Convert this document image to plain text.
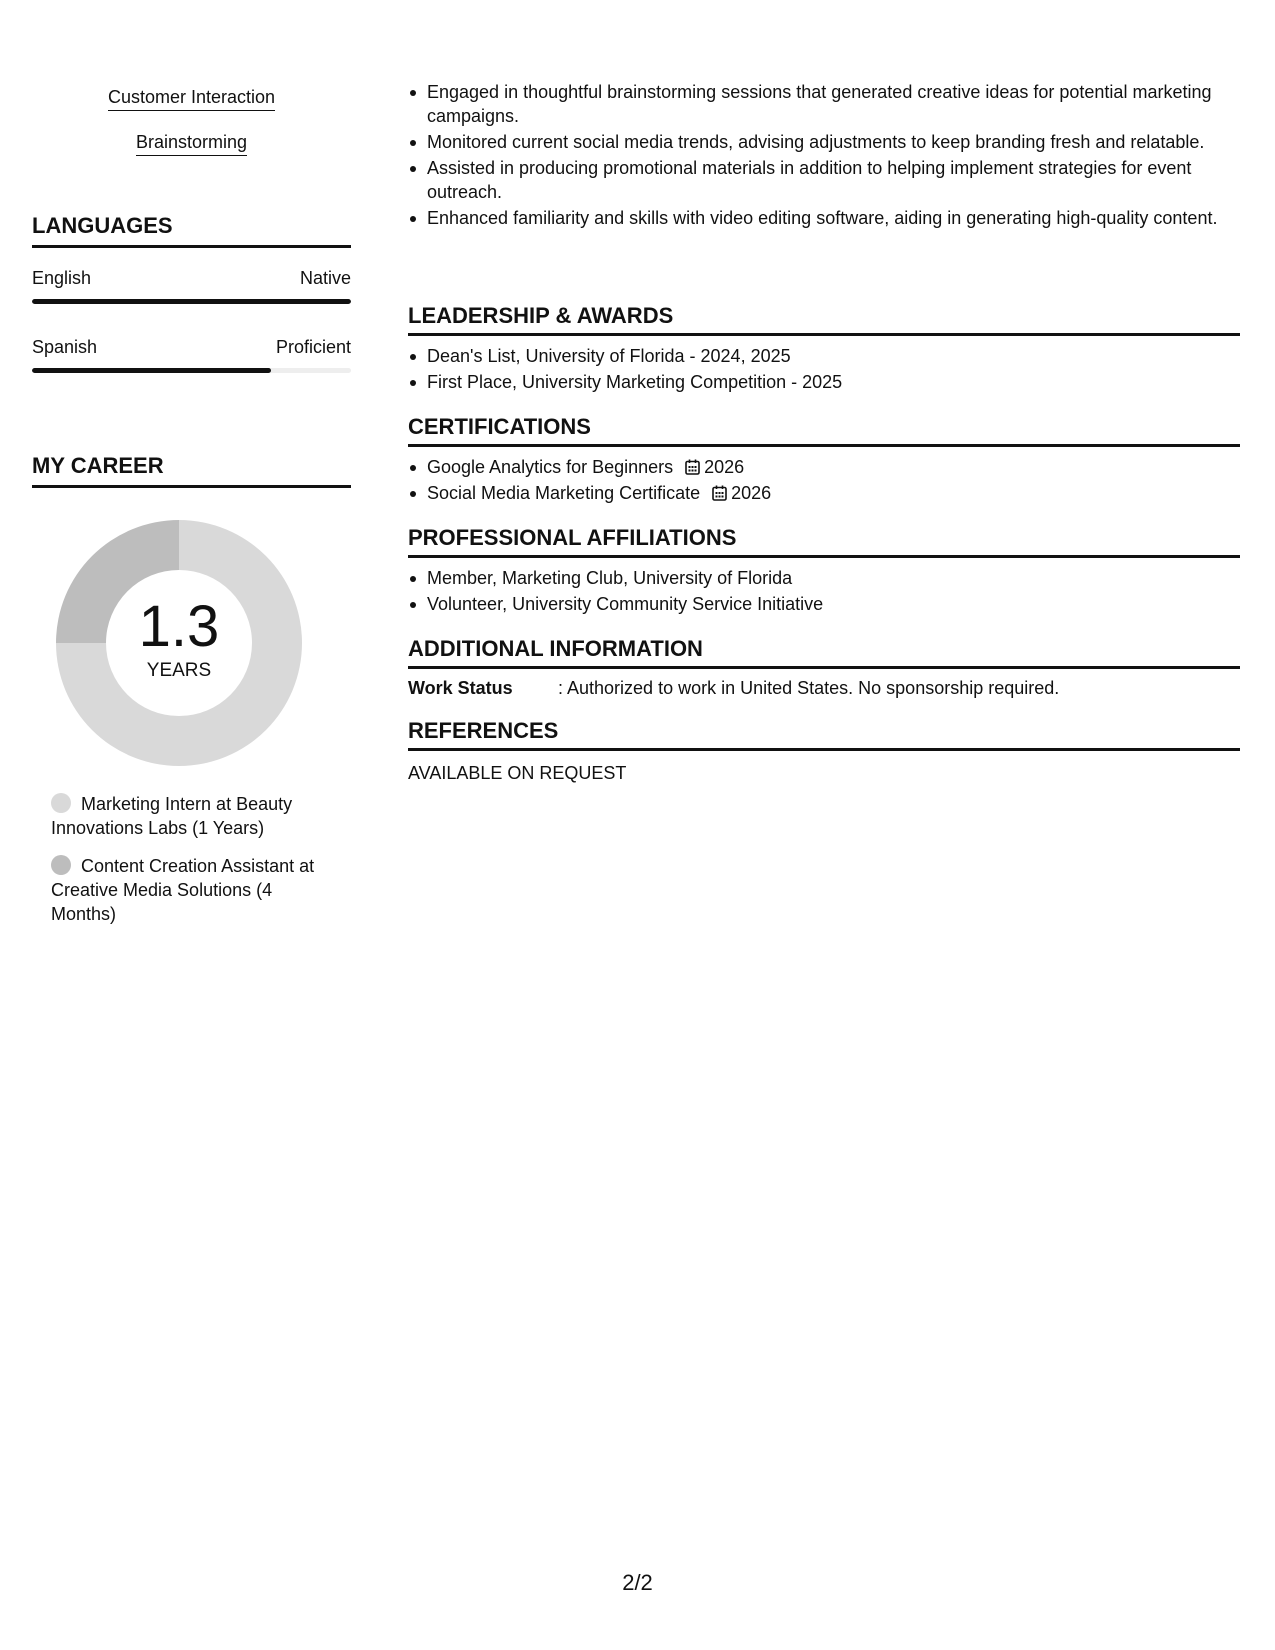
Customer Interaction
Brainstorming
LANGUAGES
English	Native
Spanish	Proficient
MY CAREER
1.3
YEARS
Marketing Intern at Beauty Innovations Labs (1 Years)
Content Creation Assistant at Creative Media Solutions (4 Months)
Engaged in thoughtful brainstorming sessions that generated creative ideas for potential marketing campaigns.
Monitored current social media trends, advising adjustments to keep branding fresh and relatable.
Assisted in producing promotional materials in addition to helping implement strategies for event outreach.
Enhanced familiarity and skills with video editing software, aiding in generating high-quality content.
LEADERSHIP & AWARDS
Dean's List, University of Florida - 2024, 2025
First Place, University Marketing Competition - 2025
CERTIFICATIONS
Google Analytics for Beginners 2026
Social Media Marketing Certificate 2026
PROFESSIONAL AFFILIATIONS
Member, Marketing Club, University of Florida
Volunteer, University Community Service Initiative
ADDITIONAL INFORMATION
Work Status	: Authorized to work in United States. No sponsorship required.
REFERENCES
AVAILABLE ON REQUEST
2/2
